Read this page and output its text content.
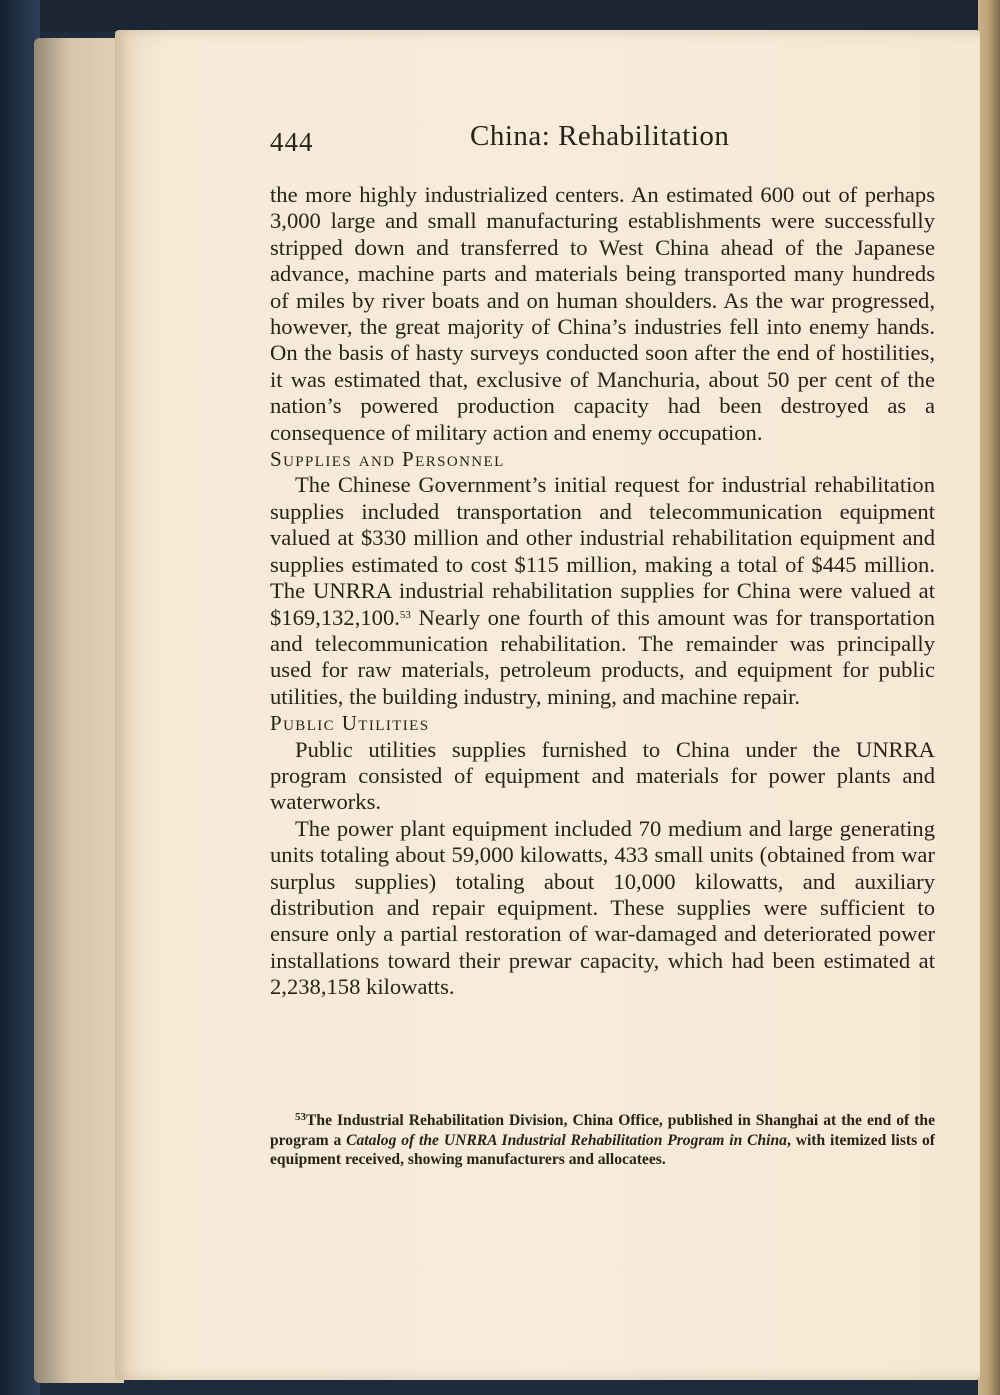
444	China: Rehabilitation

the more highly industrialized centers. An estimated 600 out of perhaps 3,000 large and small manufacturing establishments were successfully stripped down and transferred to West China ahead of the Japanese advance, machine parts and materials being transported many hundreds of miles by river boats and on human shoulders. As the war progressed, however, the great majority of China’s industries fell into enemy hands. On the basis of hasty surveys conducted soon after the end of hostilities, it was estimated that, exclusive of Manchuria, about 50 per cent of the nation’s powered production capacity had been destroyed as a consequence of military action and enemy occupation.

Supplies and Personnel

The Chinese Government’s initial request for industrial rehabilitation supplies included transportation and telecommunication equipment valued at $330 million and other industrial rehabilitation equipment and supplies estimated to cost $115 million, making a total of $445 million. The UNRRA industrial rehabilitation supplies for China were valued at $169,132,100.53 Nearly one fourth of this amount was for transportation and telecommunication rehabilitation. The remainder was principally used for raw materials, petroleum products, and equipment for public utilities, the building industry, mining, and machine repair.

Public Utilities

Public utilities supplies furnished to China under the UNRRA program consisted of equipment and materials for power plants and waterworks.

The power plant equipment included 70 medium and large generating units totaling about 59,000 kilowatts, 433 small units (obtained from war surplus supplies) totaling about 10,000 kilowatts, and auxiliary distribution and repair equipment. These supplies were sufficient to ensure only a partial restoration of war-damaged and deteriorated power installations toward their prewar capacity, which had been estimated at 2,238,158 kilowatts.

$^{53}$The Industrial Rehabilitation Division, China Office, published in Shanghai at the end of the program a Catalog of the UNRRA Industrial Rehabilitation Program in China, with itemized lists of equipment received, showing manufacturers and allocatees.
